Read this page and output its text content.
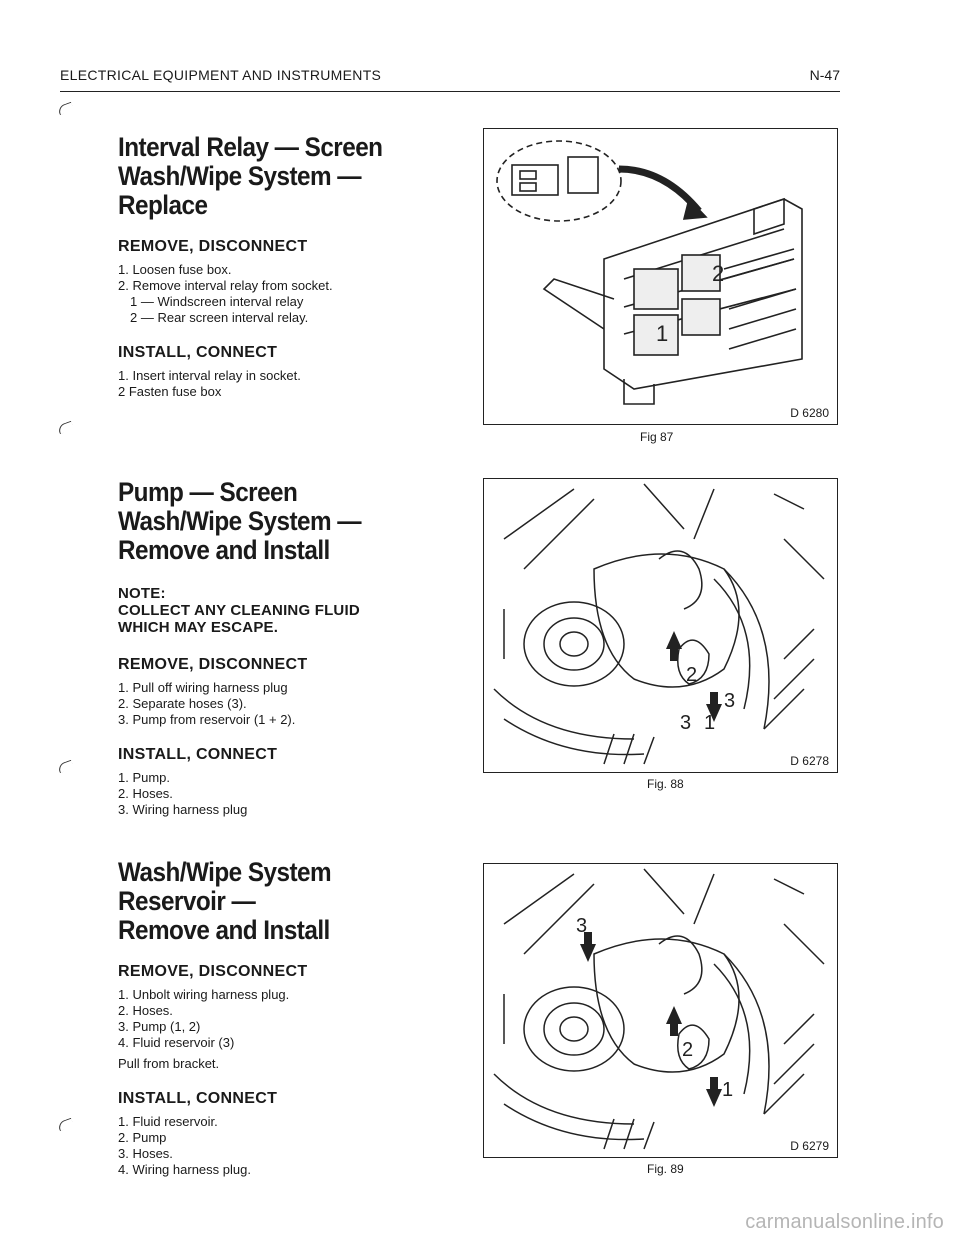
ELECTRICAL EQUIPMENT AND INSTRUMENTS	N-47
Interval Relay — Screen
Wash/Wipe System —
Replace
REMOVE, DISCONNECT
1. Loosen fuse box.
2. Remove interval relay from socket.
1 — Windscreen interval relay
2 — Rear screen interval relay.
INSTALL, CONNECT
1. Insert interval relay in socket.
2 Fasten fuse box
Pump — Screen
Wash/Wipe System —
Remove and Install
NOTE:
COLLECT ANY CLEANING FLUID
WHICH MAY ESCAPE.
REMOVE, DISCONNECT
1. Pull off wiring harness plug
2. Separate hoses (3).
3. Pump from reservoir (1 + 2).
INSTALL, CONNECT
1. Pump.
2. Hoses.
3. Wiring harness plug
Wash/Wipe System
Reservoir —
Remove and Install
REMOVE, DISCONNECT
1. Unbolt wiring harness plug.
2. Hoses.
3. Pump (1, 2)
4. Fluid reservoir (3)
Pull from bracket.
INSTALL, CONNECT
1. Fluid reservoir.
2. Pump
3. Hoses.
4. Wiring harness plug.
2
1
D 6280
Fig 87
2
3
3 1
D 6278
Fig. 88
3
2
1
D 6279
Fig. 89
carmanualsonline.info
